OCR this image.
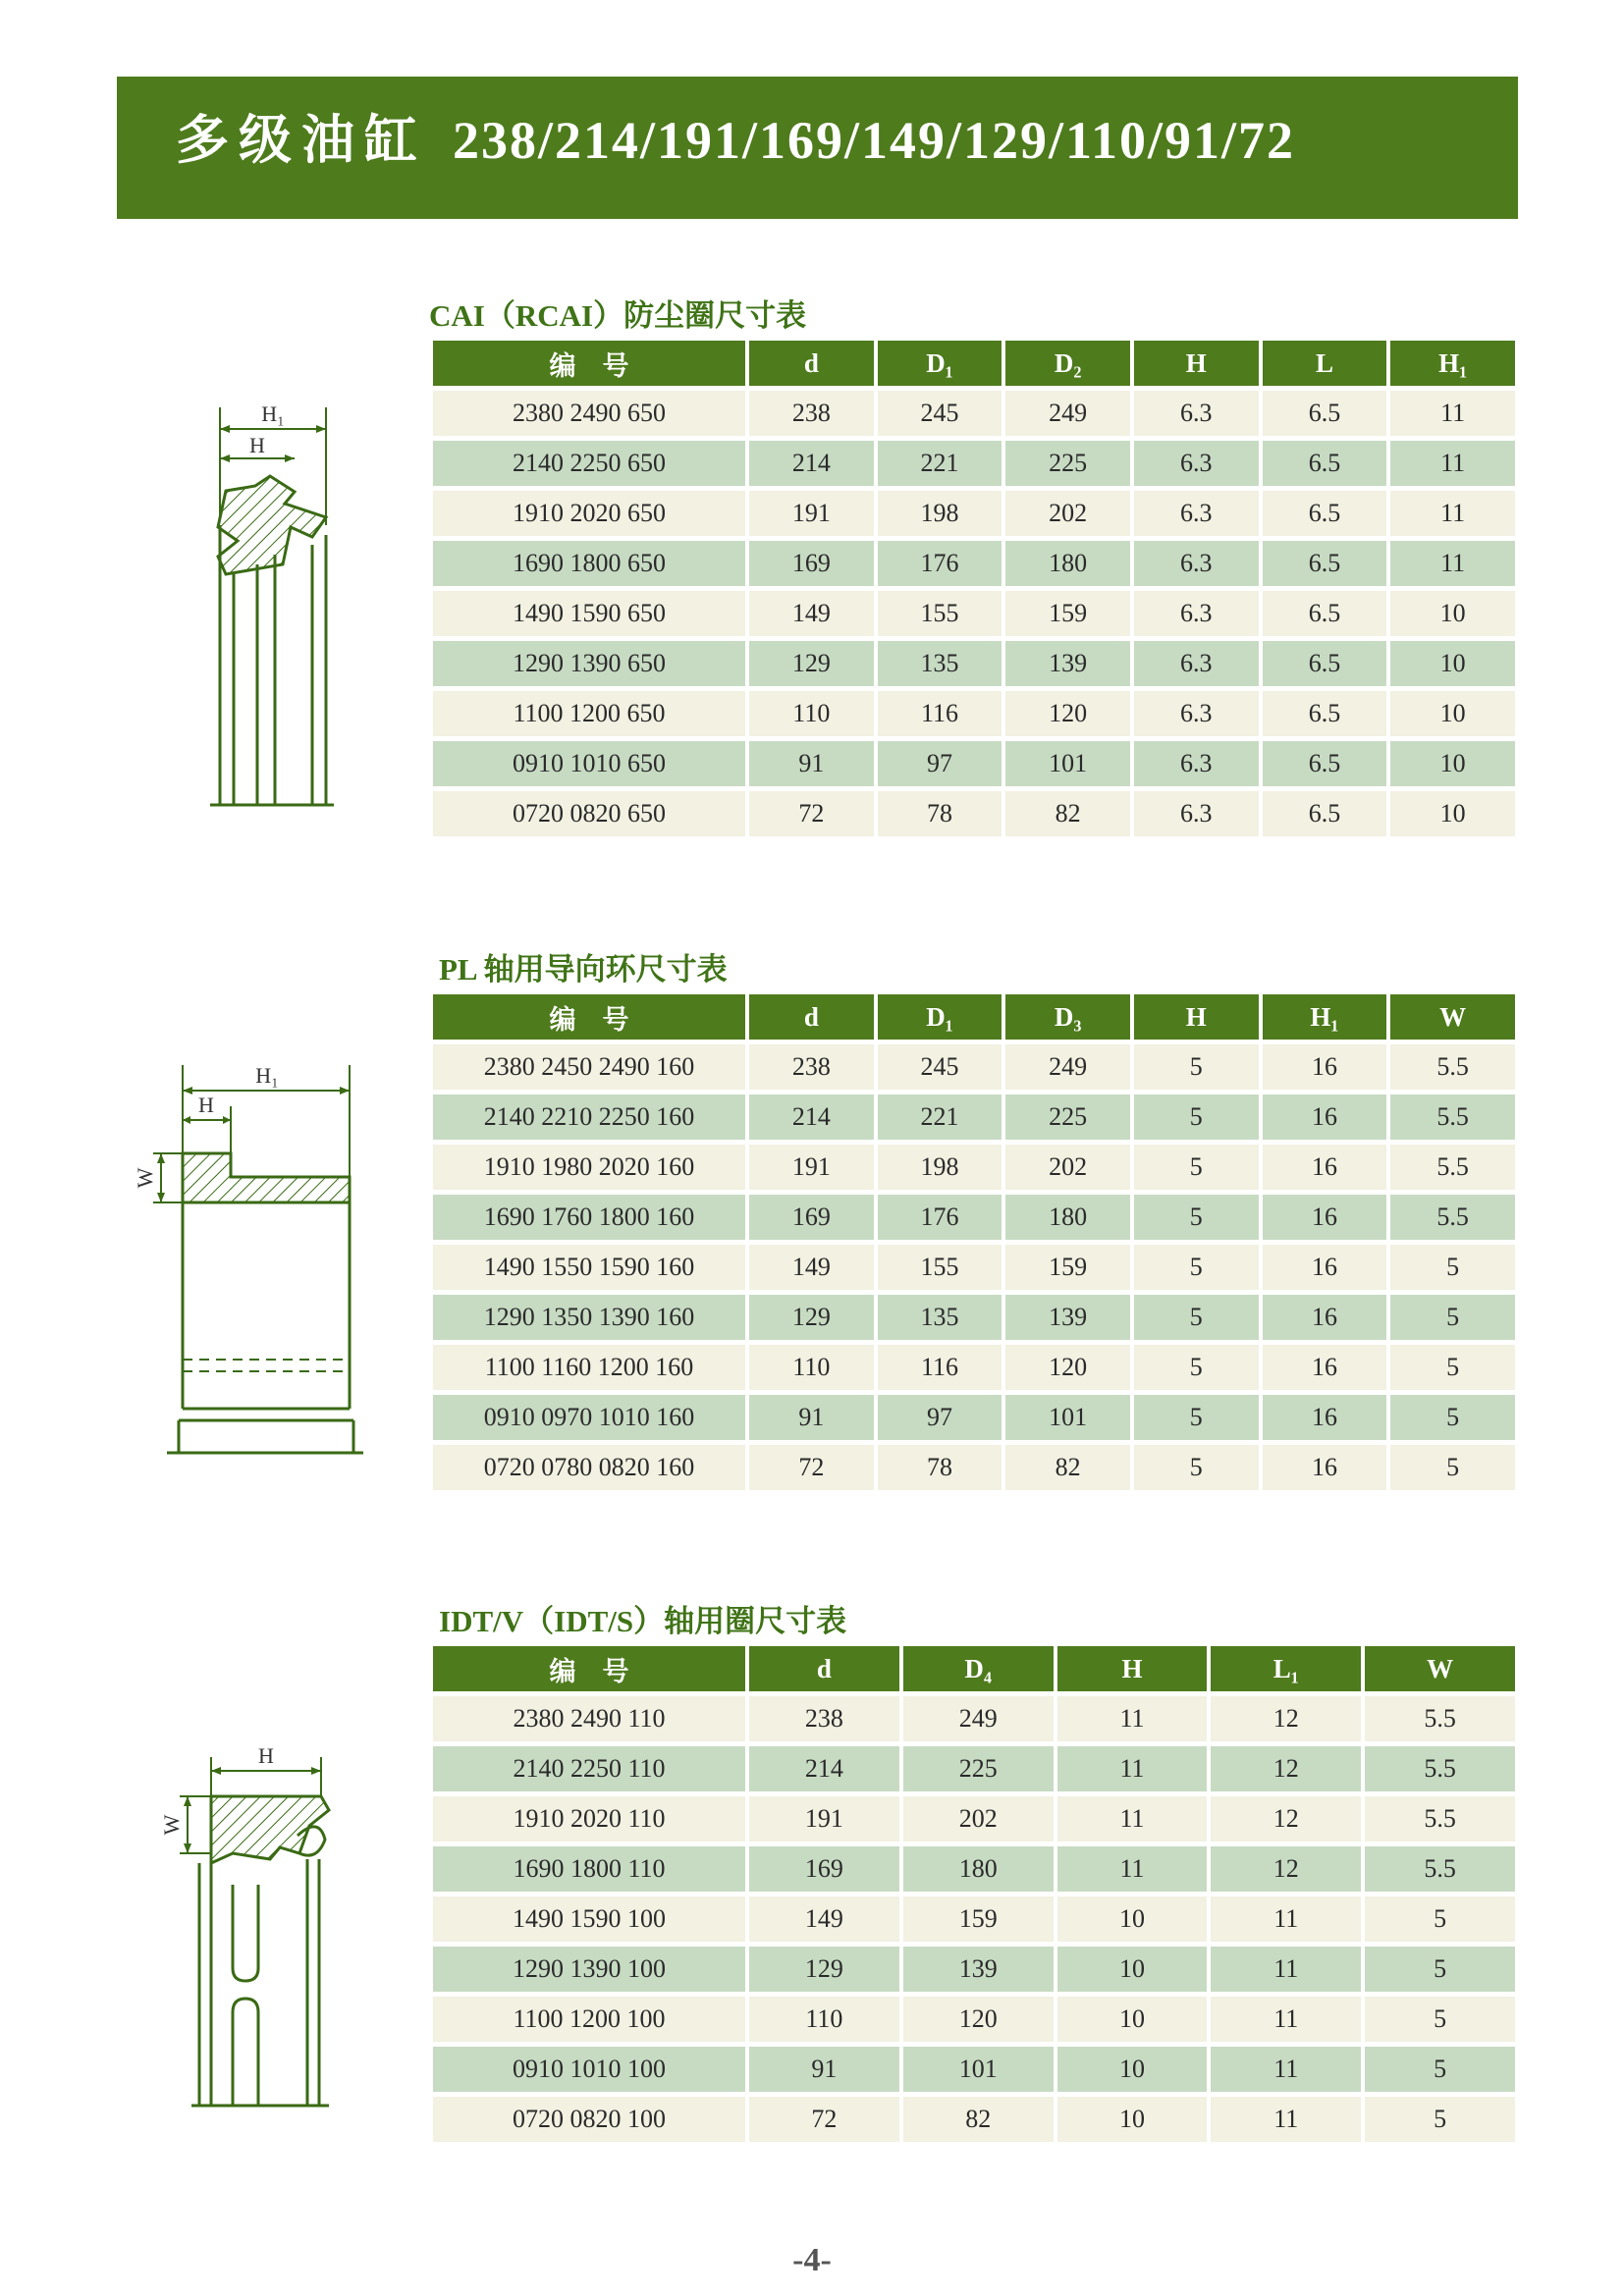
多级油缸 238/214/191/169/149/129/110/91/72
CAI（RCAI）防尘圈尺寸表
H₁
H
编　号	d	D₁	D₂	H	L	H₁
2380 2490 650	238	245	249	6.3	6.5	11
2140 2250 650	214	221	225	6.3	6.5	11
1910 2020 650	191	198	202	6.3	6.5	11
1690 1800 650	169	176	180	6.3	6.5	11
1490 1590 650	149	155	159	6.3	6.5	10
1290 1390 650	129	135	139	6.3	6.5	10
1100 1200 650	110	116	120	6.3	6.5	10
0910 1010 650	91	97	101	6.3	6.5	10
0720 0820 650	72	78	82	6.3	6.5	10
PL 轴用导向环尺寸表
H₁
H
W
编　号	d	D₁	D₃	H	H₁	W
2380 2450 2490 160	238	245	249	5	16	5.5
2140 2210 2250 160	214	221	225	5	16	5.5
1910 1980 2020 160	191	198	202	5	16	5.5
1690 1760 1800 160	169	176	180	5	16	5.5
1490 1550 1590 160	149	155	159	5	16	5
1290 1350 1390 160	129	135	139	5	16	5
1100 1160 1200 160	110	116	120	5	16	5
0910 0970 1010 160	91	97	101	5	16	5
0720 0780 0820 160	72	78	82	5	16	5
IDT/V（IDT/S）轴用圈尺寸表
H
W
编　号	d	D₄	H	L₁	W
2380 2490 110	238	249	11	12	5.5
2140 2250 110	214	225	11	12	5.5
1910 2020 110	191	202	11	12	5.5
1690 1800 110	169	180	11	12	5.5
1490 1590 100	149	159	10	11	5
1290 1390 100	129	139	10	11	5
1100 1200 100	110	120	10	11	5
0910 1010 100	91	101	10	11	5
0720 0820 100	72	82	10	11	5
-4-
